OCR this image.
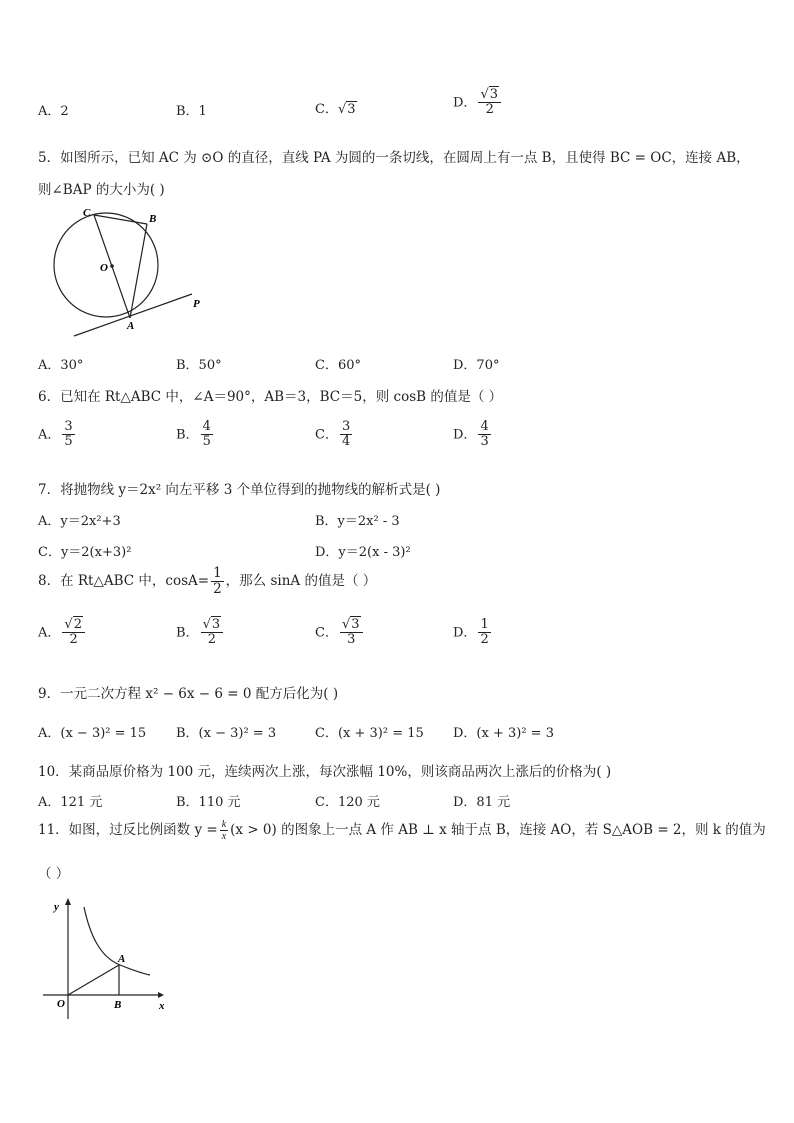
A．2	B．1	C．√3	D． $\frac{√3}{2}$
5．如图所示，已知 AC 为 ⊙O 的直径，直线 PA 为圆的一条切线，在圆周上有一点 B，且使得 BC = OC，连接 AB，
则∠BAP 的大小为( )
C	B
O
A
P
A．30°	B．50°	C．60°	D．70°
6．已知在 Rt△ABC 中，∠A＝90°，AB＝3，BC＝5，则 cosB 的值是（ ）
A． $\frac{3}{5}$	B． $\frac{4}{5}$	C． $\frac{3}{4}$	D． $\frac{4}{3}$
7．将抛物线 y＝2x² 向左平移 3 个单位得到的抛物线的解析式是( )
A．y＝2x²+3	B．y＝2x² - 3
C．y＝2(x+3)²	D．y＝2(x - 3)²
8．在 Rt△ABC 中，$\cos A= \frac{1}{2}$ ，那么 sinA 的值是（ ）
A． $\frac{√2}{2}$	B． $\frac{√3}{2}$	C． $\frac{√3}{3}$	D． $\frac{1}{2}$
9．一元二次方程 x² − 6x − 6 = 0 配方后化为( )
A．(x − 3)² = 15 B．(x − 3)² = 3	C．(x + 3)² = 15 D．(x + 3)² = 3
10．某商品原价格为 100 元，连续两次上涨，每次涨幅 10%，则该商品两次上涨后的价格为( )
A．121 元	B．110 元	C．120 元	D．81 元
11．如图，过反比例函数 $y = \frac{k}{x} (x > 0)$ 的图象上一点 A 作 AB ⊥ x 轴于点 B，连接 AO，若 S△AOB = 2，则 k 的值为
（ ）
y
x
O
A
B
